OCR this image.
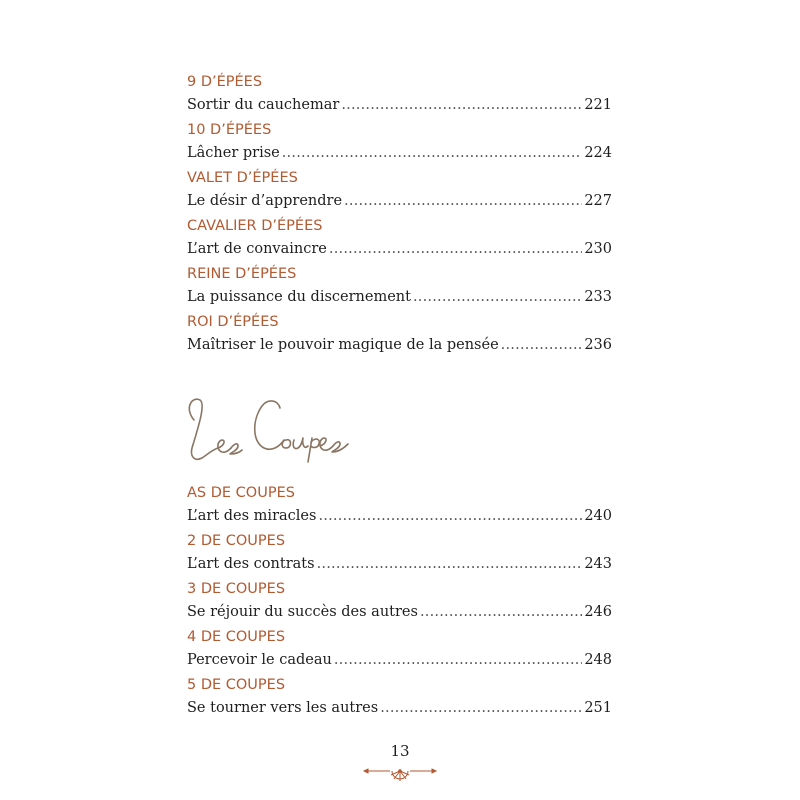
9 D’ÉPÉES
Sortir du cauchemar . . .	221
10 D’ÉPÉES
Lâcher prise . . .	224
VALET D’ÉPÉES
Le désir d’apprendre . . .	227
CAVALIER D’ÉPÉES
L’art de convaincre . . .	230
REINE D’ÉPÉES
La puissance du discernement . . .	233
ROI D’ÉPÉES
Maîtriser le pouvoir magique de la pensée . . .	236
AS DE COUPES
L’art des miracles . . .	240
2 DE COUPES
L’art des contrats . . .	243
3 DE COUPES
Se réjouir du succès des autres . . .	246
4 DE COUPES
Percevoir le cadeau . . .	248
5 DE COUPES
Se tourner vers les autres . . .	251
13
